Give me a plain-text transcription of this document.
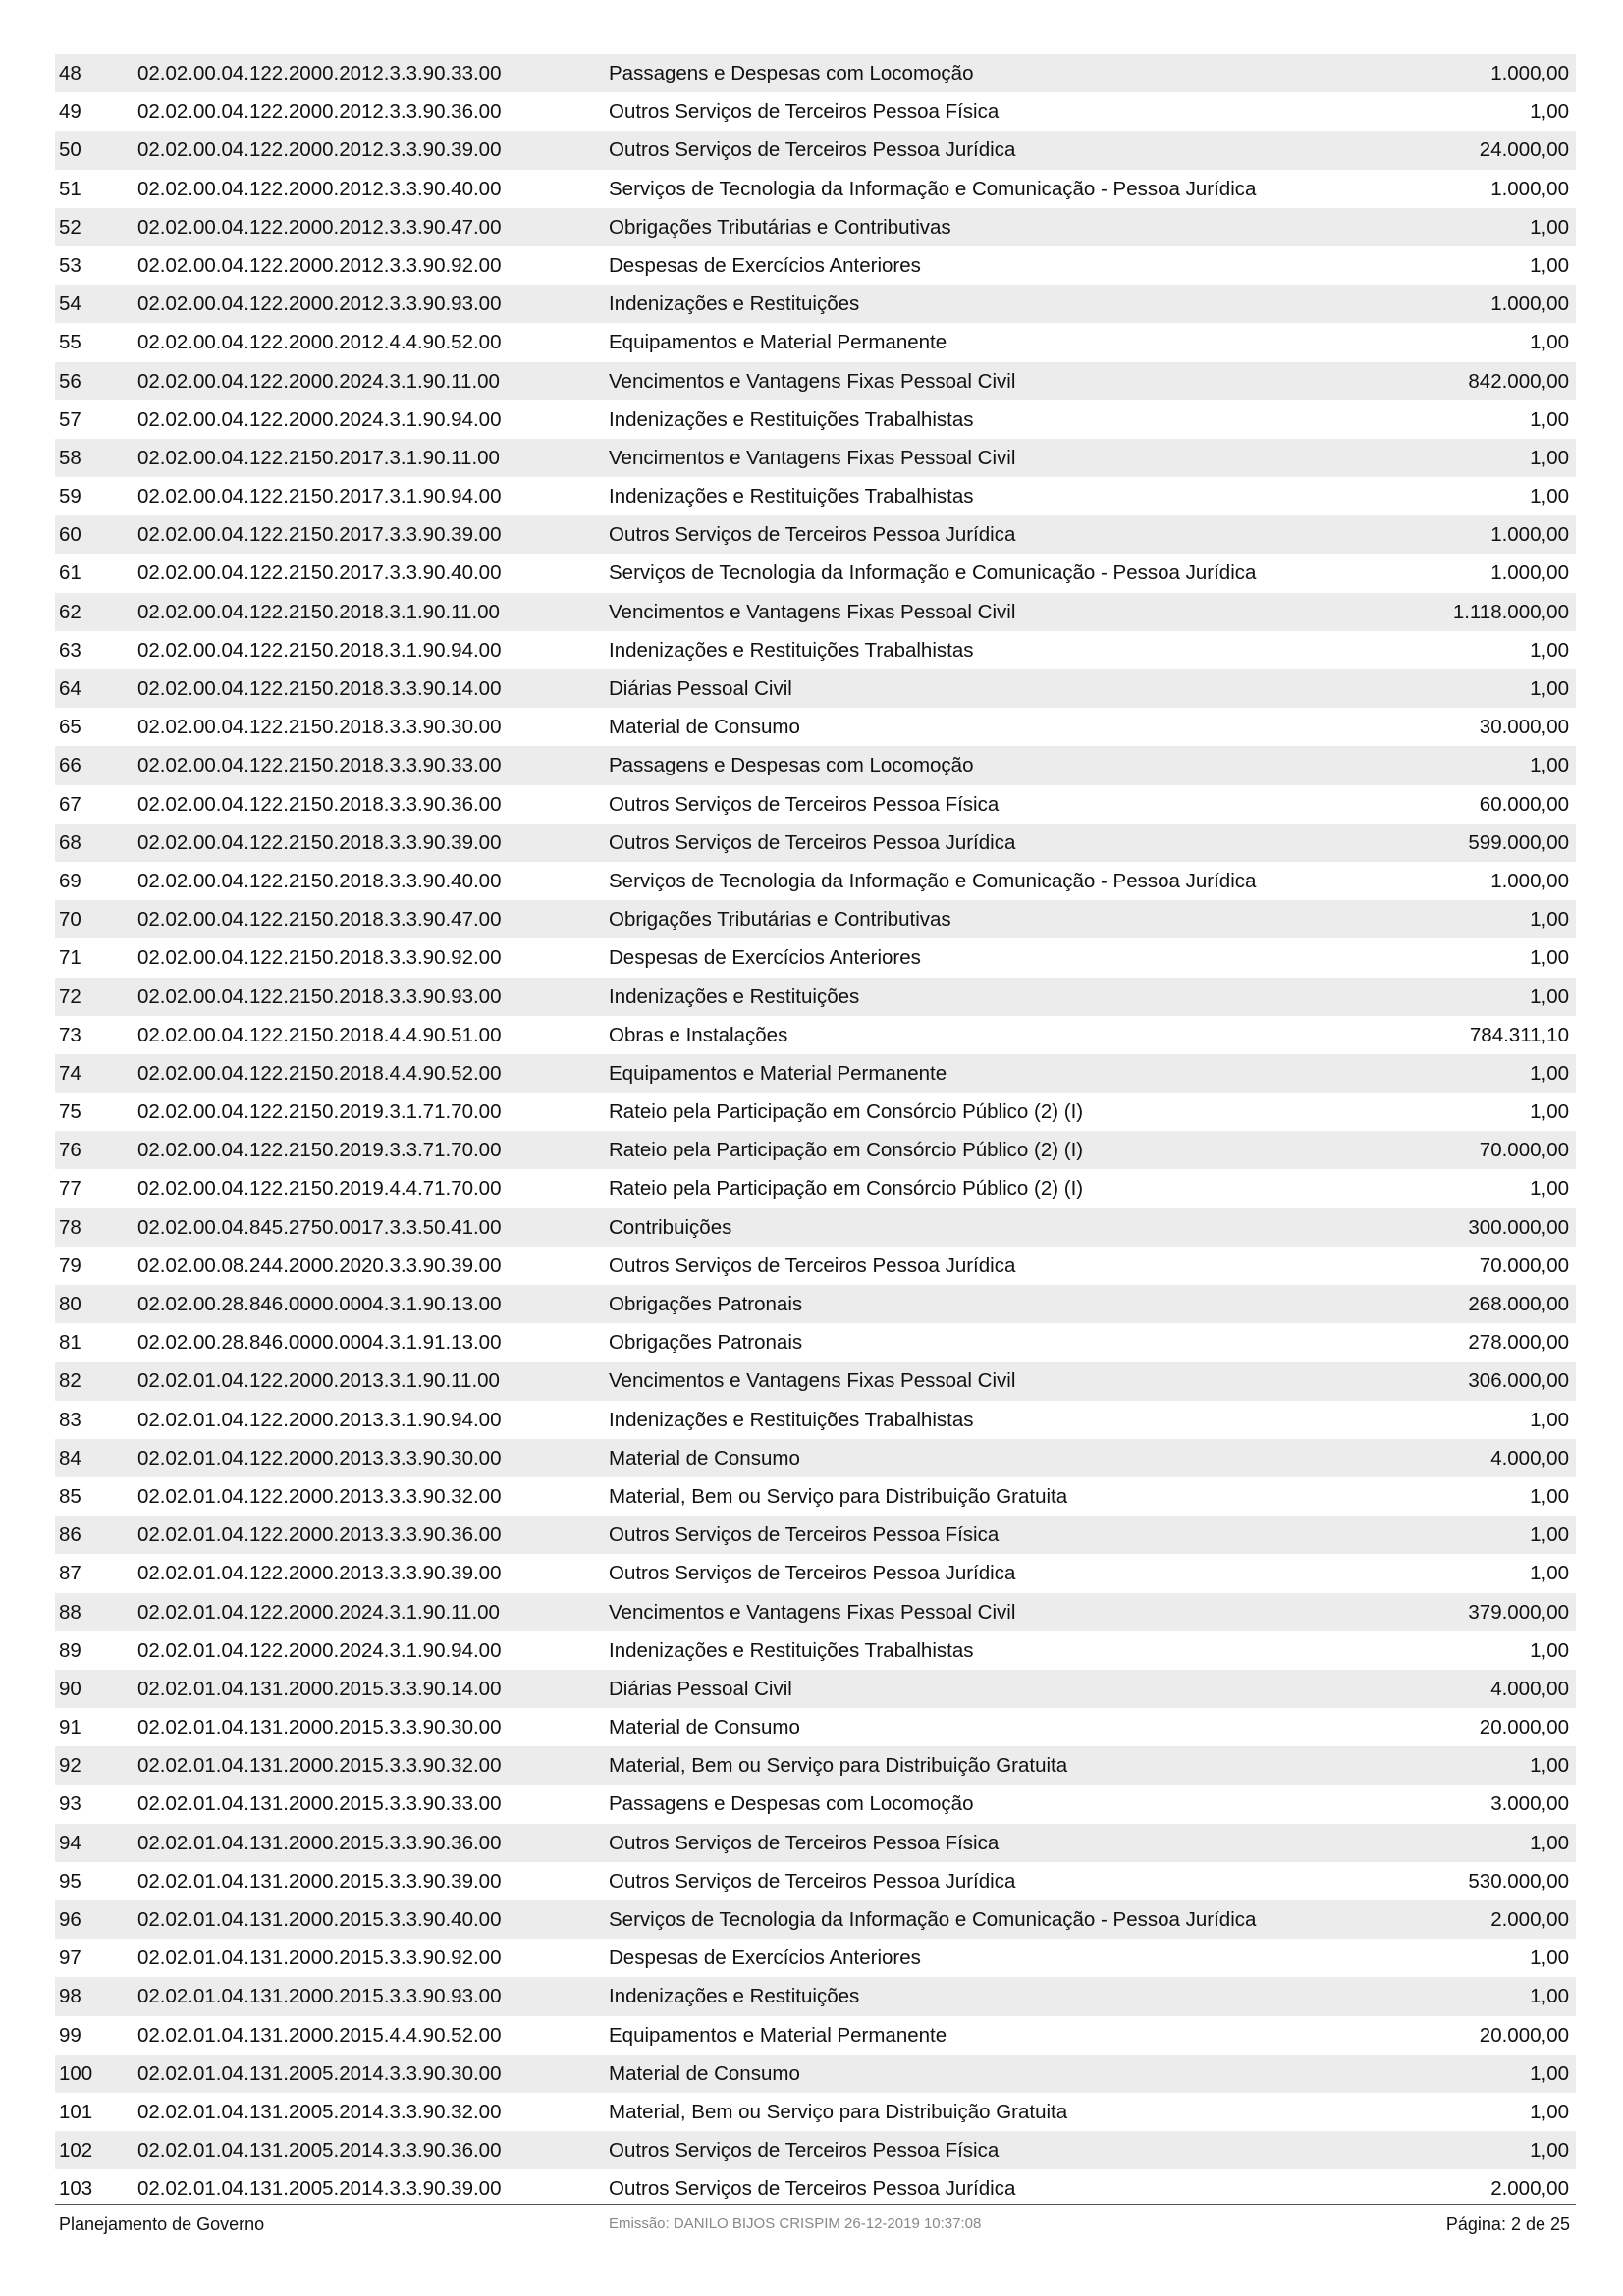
48	02.02.00.04.122.2000.2012.3.3.90.33.00	Passagens e Despesas com Locomoção	1.000,00
49	02.02.00.04.122.2000.2012.3.3.90.36.00	Outros Serviços de Terceiros Pessoa Física	1,00
50	02.02.00.04.122.2000.2012.3.3.90.39.00	Outros Serviços de Terceiros Pessoa Jurídica	24.000,00
51	02.02.00.04.122.2000.2012.3.3.90.40.00	Serviços de Tecnologia da Informação e Comunicação - Pessoa Jurídica	1.000,00
52	02.02.00.04.122.2000.2012.3.3.90.47.00	Obrigações Tributárias e Contributivas	1,00
53	02.02.00.04.122.2000.2012.3.3.90.92.00	Despesas de Exercícios Anteriores	1,00
54	02.02.00.04.122.2000.2012.3.3.90.93.00	Indenizações e Restituições	1.000,00
55	02.02.00.04.122.2000.2012.4.4.90.52.00	Equipamentos e Material Permanente	1,00
56	02.02.00.04.122.2000.2024.3.1.90.11.00	Vencimentos e Vantagens Fixas Pessoal Civil	842.000,00
57	02.02.00.04.122.2000.2024.3.1.90.94.00	Indenizações e Restituições Trabalhistas	1,00
58	02.02.00.04.122.2150.2017.3.1.90.11.00	Vencimentos e Vantagens Fixas Pessoal Civil	1,00
59	02.02.00.04.122.2150.2017.3.1.90.94.00	Indenizações e Restituições Trabalhistas	1,00
60	02.02.00.04.122.2150.2017.3.3.90.39.00	Outros Serviços de Terceiros Pessoa Jurídica	1.000,00
61	02.02.00.04.122.2150.2017.3.3.90.40.00	Serviços de Tecnologia da Informação e Comunicação - Pessoa Jurídica	1.000,00
62	02.02.00.04.122.2150.2018.3.1.90.11.00	Vencimentos e Vantagens Fixas Pessoal Civil	1.118.000,00
63	02.02.00.04.122.2150.2018.3.1.90.94.00	Indenizações e Restituições Trabalhistas	1,00
64	02.02.00.04.122.2150.2018.3.3.90.14.00	Diárias Pessoal Civil	1,00
65	02.02.00.04.122.2150.2018.3.3.90.30.00	Material de Consumo	30.000,00
66	02.02.00.04.122.2150.2018.3.3.90.33.00	Passagens e Despesas com Locomoção	1,00
67	02.02.00.04.122.2150.2018.3.3.90.36.00	Outros Serviços de Terceiros Pessoa Física	60.000,00
68	02.02.00.04.122.2150.2018.3.3.90.39.00	Outros Serviços de Terceiros Pessoa Jurídica	599.000,00
69	02.02.00.04.122.2150.2018.3.3.90.40.00	Serviços de Tecnologia da Informação e Comunicação - Pessoa Jurídica	1.000,00
70	02.02.00.04.122.2150.2018.3.3.90.47.00	Obrigações Tributárias e Contributivas	1,00
71	02.02.00.04.122.2150.2018.3.3.90.92.00	Despesas de Exercícios Anteriores	1,00
72	02.02.00.04.122.2150.2018.3.3.90.93.00	Indenizações e Restituições	1,00
73	02.02.00.04.122.2150.2018.4.4.90.51.00	Obras e Instalações	784.311,10
74	02.02.00.04.122.2150.2018.4.4.90.52.00	Equipamentos e Material Permanente	1,00
75	02.02.00.04.122.2150.2019.3.1.71.70.00	Rateio pela Participação em Consórcio Público (2) (I)	1,00
76	02.02.00.04.122.2150.2019.3.3.71.70.00	Rateio pela Participação em Consórcio Público (2) (I)	70.000,00
77	02.02.00.04.122.2150.2019.4.4.71.70.00	Rateio pela Participação em Consórcio Público (2) (I)	1,00
78	02.02.00.04.845.2750.0017.3.3.50.41.00	Contribuições	300.000,00
79	02.02.00.08.244.2000.2020.3.3.90.39.00	Outros Serviços de Terceiros Pessoa Jurídica	70.000,00
80	02.02.00.28.846.0000.0004.3.1.90.13.00	Obrigações Patronais	268.000,00
81	02.02.00.28.846.0000.0004.3.1.91.13.00	Obrigações Patronais	278.000,00
82	02.02.01.04.122.2000.2013.3.1.90.11.00	Vencimentos e Vantagens Fixas Pessoal Civil	306.000,00
83	02.02.01.04.122.2000.2013.3.1.90.94.00	Indenizações e Restituições Trabalhistas	1,00
84	02.02.01.04.122.2000.2013.3.3.90.30.00	Material de Consumo	4.000,00
85	02.02.01.04.122.2000.2013.3.3.90.32.00	Material, Bem ou Serviço para Distribuição Gratuita	1,00
86	02.02.01.04.122.2000.2013.3.3.90.36.00	Outros Serviços de Terceiros Pessoa Física	1,00
87	02.02.01.04.122.2000.2013.3.3.90.39.00	Outros Serviços de Terceiros Pessoa Jurídica	1,00
88	02.02.01.04.122.2000.2024.3.1.90.11.00	Vencimentos e Vantagens Fixas Pessoal Civil	379.000,00
89	02.02.01.04.122.2000.2024.3.1.90.94.00	Indenizações e Restituições Trabalhistas	1,00
90	02.02.01.04.131.2000.2015.3.3.90.14.00	Diárias Pessoal Civil	4.000,00
91	02.02.01.04.131.2000.2015.3.3.90.30.00	Material de Consumo	20.000,00
92	02.02.01.04.131.2000.2015.3.3.90.32.00	Material, Bem ou Serviço para Distribuição Gratuita	1,00
93	02.02.01.04.131.2000.2015.3.3.90.33.00	Passagens e Despesas com Locomoção	3.000,00
94	02.02.01.04.131.2000.2015.3.3.90.36.00	Outros Serviços de Terceiros Pessoa Física	1,00
95	02.02.01.04.131.2000.2015.3.3.90.39.00	Outros Serviços de Terceiros Pessoa Jurídica	530.000,00
96	02.02.01.04.131.2000.2015.3.3.90.40.00	Serviços de Tecnologia da Informação e Comunicação - Pessoa Jurídica	2.000,00
97	02.02.01.04.131.2000.2015.3.3.90.92.00	Despesas de Exercícios Anteriores	1,00
98	02.02.01.04.131.2000.2015.3.3.90.93.00	Indenizações e Restituições	1,00
99	02.02.01.04.131.2000.2015.4.4.90.52.00	Equipamentos e Material Permanente	20.000,00
100 02.02.01.04.131.2005.2014.3.3.90.30.00	Material de Consumo	1,00
101 02.02.01.04.131.2005.2014.3.3.90.32.00	Material, Bem ou Serviço para Distribuição Gratuita	1,00
102 02.02.01.04.131.2005.2014.3.3.90.36.00	Outros Serviços de Terceiros Pessoa Física	1,00
103 02.02.01.04.131.2005.2014.3.3.90.39.00	Outros Serviços de Terceiros Pessoa Jurídica	2.000,00
Planejamento de Governo	Emissão: DANILO BIJOS CRISPIM 26-12-2019 10:37:08	Página: 2 de 25
